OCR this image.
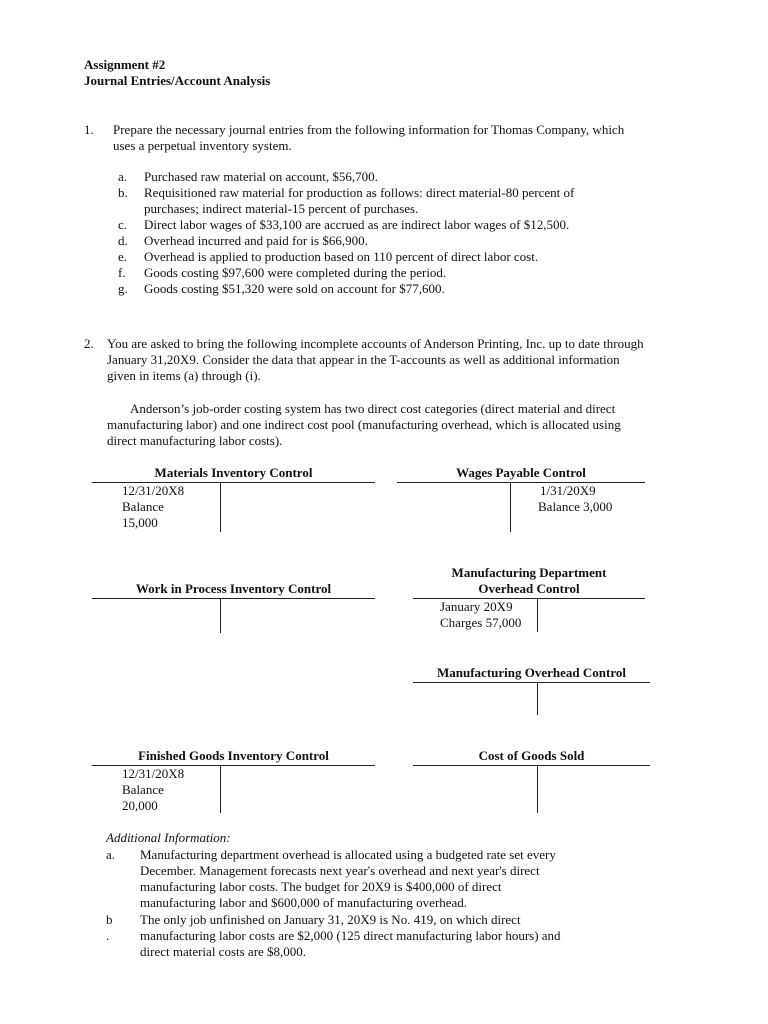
Assignment #2
Journal Entries/Account Analysis
1. Prepare the necessary journal entries from the following information for Thomas Company, which
uses a perpetual inventory system.
a. Purchased raw material on account, $56,700.
b. Requisitioned raw material for production as follows: direct material-80 percent of
purchases; indirect material-15 percent of purchases.
c. Direct labor wages of $33,100 are accrued as are indirect labor wages of $12,500.
d. Overhead incurred and paid for is $66,900.
e. Overhead is applied to production based on 110 percent of direct labor cost.
f. Goods costing $97,600 were completed during the period.
g. Goods costing $51,320 were sold on account for $77,600.
2. You are asked to bring the following incomplete accounts of Anderson Printing, Inc. up to date through
January 31,20X9. Consider the data that appear in the T-accounts as well as additional information
given in items (a) through (i).
Anderson’s job-order costing system has two direct cost categories (direct material and direct
manufacturing labor) and one indirect cost pool (manufacturing overhead, which is allocated using
direct manufacturing labor costs).
Materials Inventory Control
12/31/20X8
Balance
15,000
Wages Payable Control
1/31/20X9
Balance 3,000
Work in Process Inventory Control
Manufacturing Department
Overhead Control
January 20X9
Charges 57,000
Manufacturing Overhead Control
Finished Goods Inventory Control
12/31/20X8
Balance
20,000
Cost of Goods Sold
Additional Information:
a. Manufacturing department overhead is allocated using a budgeted rate set every
December. Management forecasts next year's overhead and next year's direct
manufacturing labor costs. The budget for 20X9 is $400,000 of direct
manufacturing labor and $600,000 of manufacturing overhead.
b
.
The only job unfinished on January 31, 20X9 is No. 419, on which direct
manufacturing labor costs are $2,000 (125 direct manufacturing labor hours) and
direct material costs are $8,000.
